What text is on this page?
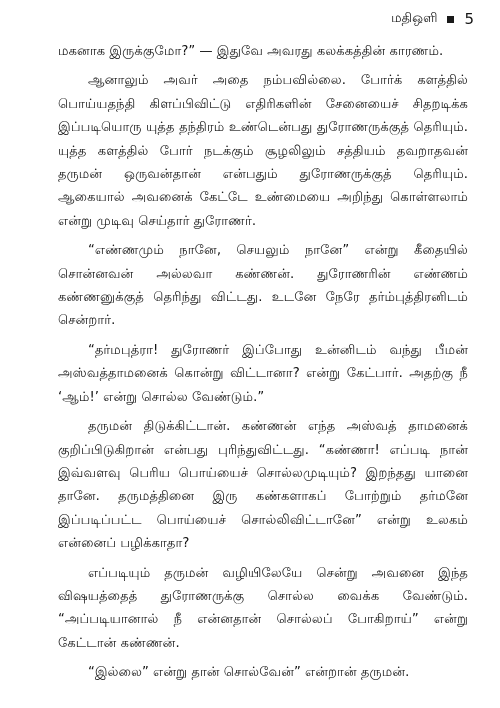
மதிஒளி 5

மகனாக இருக்குமோ?” — இதுவே அவரது கலக்கத்தின் காரணம்.

ஆனாலும் அவர் அதை நம்பவில்லை. போர்க் களத்தில் பொய்யதந்தி கிளப்பிவிட்டு எதிரிகளின் சேனையைச் சிதறடிக்க இப்படியொரு யுத்த தந்திரம் உண்டென்பது துரோணருக்குத் தெரியும். யுத்த களத்தில் போர் நடக்கும் சூழலிலும் சத்தியம் தவறாதவன் தருமன் ஒருவன்தான் என்பதும் துரோணருக்குத் தெரியும். ஆகையால் அவனைக் கேட்டே உண்மையை அறிந்து கொள்ளலாம் என்று முடிவு செய்தார் துரோணர்.

“எண்ணமும் நானே, செயலும் நானே” என்று கீதையில் சொன்னவன் அல்லவா கண்ணன். துரோணரின் எண்ணம் கண்ணனுக்குத் தெரிந்து விட்டது. உடனே நேரே தர்ம்புத்திரனிடம் சென்றார்.

“தர்மபுத்ரா! துரோணர் இப்போது உன்னிடம் வந்து பீமன் அஸ்வத்தாமனைக் கொன்று விட்டானா? என்று கேட்பார். அதற்கு நீ ‘ஆம்!’ என்று சொல்ல வேண்டும்.”

தருமன் திடுக்கிட்டான். கண்ணன் எந்த அஸ்வத் தாமனைக் குறிப்பிடுகிறான் என்பது புரிந்துவிட்டது. “கண்ணா! எப்படி நான் இவ்வளவு பெரிய பொய்யைச் சொல்லமுடியும்? இறந்தது யானை தானே. தருமத்தினை இரு கண்களாகப் போற்றும் தர்மனே இப்படிப்பட்ட பொய்யைச் சொல்லிவிட்டானே” என்று உலகம் என்னைப் பழிக்காதா?

எப்படியும் தருமன் வழியிலேயே சென்று அவனை இந்த விஷயத்தைத் துரோணருக்கு சொல்ல வைக்க வேண்டும். “அப்படியானால் நீ என்னதான் சொல்லப் போகிறாய்” என்று கேட்டான் கண்ணன்.

“இல்லை” என்று தான் சொல்வேன்” என்றான் தருமன்.
